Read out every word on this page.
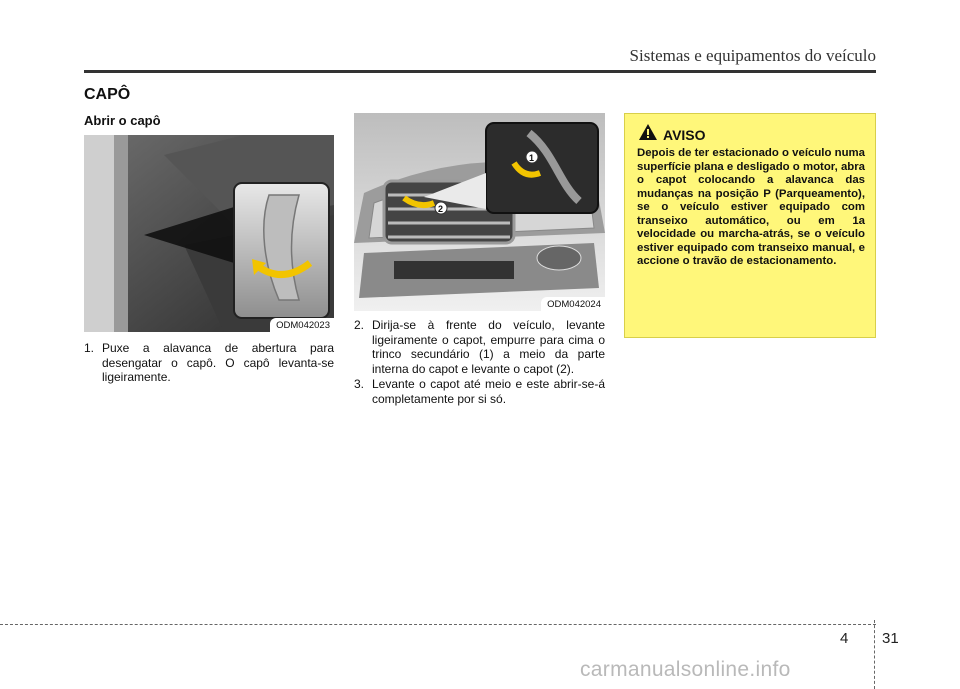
Sistemas e equipamentos do veículo
CAPÔ
Abrir o capô
ODM042023
1
2
ODM042024
1. Puxe a alavanca de abertura para desengatar o capô. O capô levanta-se ligeiramente.
2. Dirija-se à frente do veículo, levante ligeiramente o capot, empurre para cima o trinco secundário (1) a meio da parte interna do capot e levante o capot (2).
3. Levante o capot até meio e este abrir-se-á completamente por si só.
AVISO
Depois de ter estacionado o veículo numa superfície plana e desligado o motor, abra o capot colocando a alavanca das mudanças na posição P (Parqueamento), se o veículo estiver equipado com transeixo automático, ou em 1a velocidade ou marcha-atrás, se o veículo estiver equipado com transeixo manual, e accione o travão de estacionamento.
4 31
carmanualsonline.info
